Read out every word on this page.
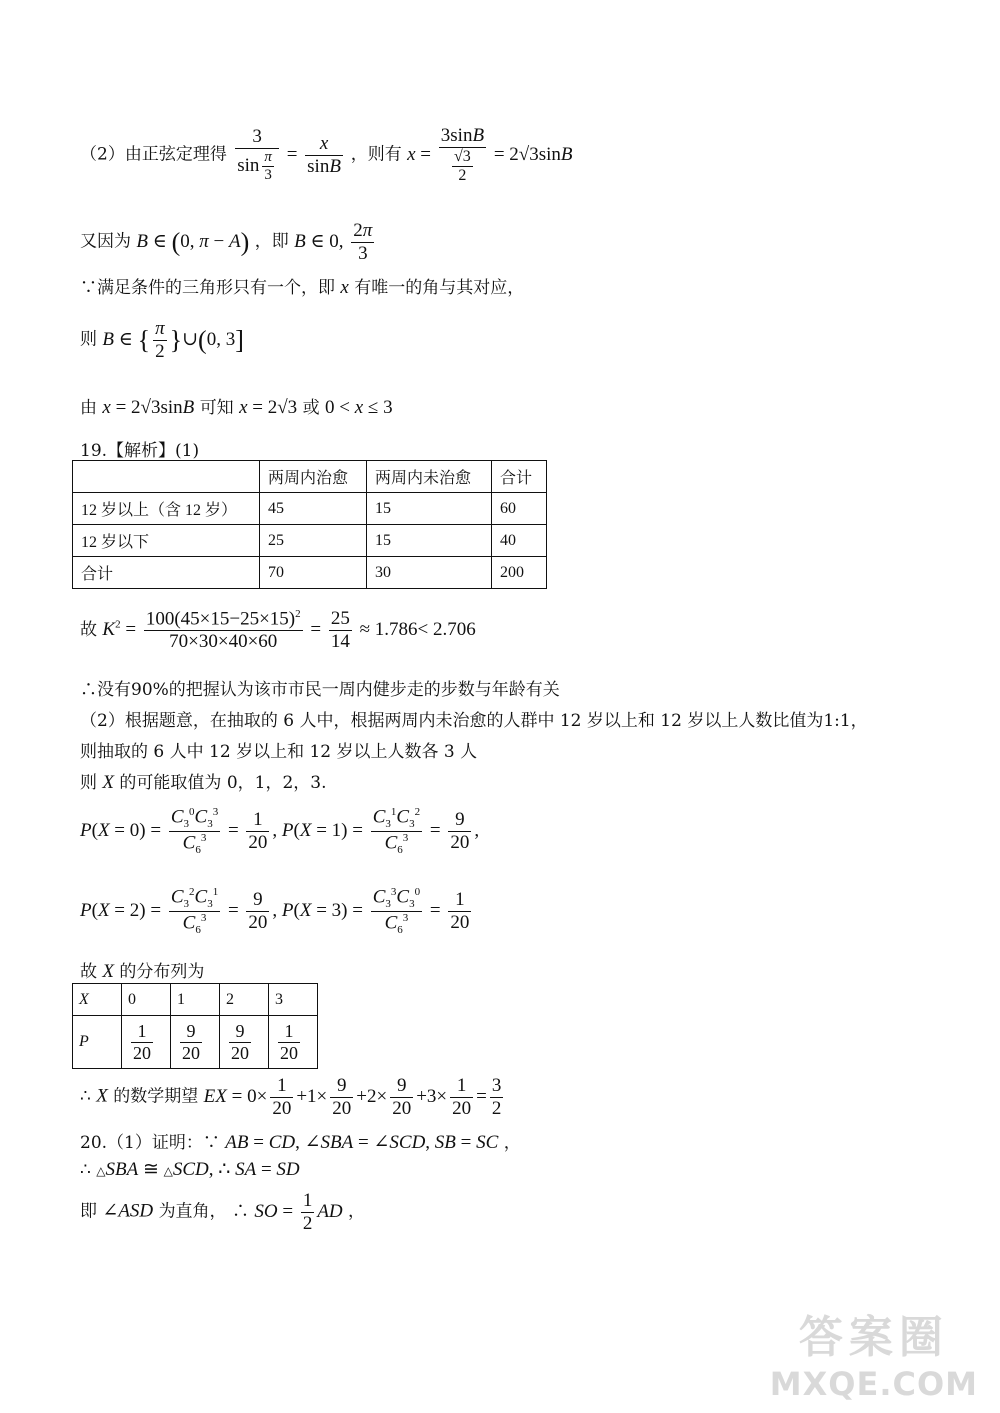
（2）由正弦定理得 $\frac{3}{\sin \frac{\pi}{3}} = \frac{x}{\sin B}$ ，则有 $x = \frac{3\sin B}{\frac{√3}{2}} = 2√3\sin B$
又因为 B ∈ (0, π − A) ，即 B ∈ 0, $\frac{2\pi}{3}$
∵满足条件的三角形只有一个，即 x 有唯一的角与其对应，
则 B ∈ { $\frac{\pi}{2}$ }∪(0, 3]
由 x = 2√3sinB 可知 x = 2√3 或 0 < x ≤ 3
19.【解析】(1)
	两周内治愈	两周内未治愈	合计
12 岁以上（含 12 岁）	45	15	60
12 岁以下	25	15	40
合计	70	30	200
故 $K^2 = \frac{100(45\times 15-25\times 15)^2}{70\times 30\times 40\times 60} = \frac{25}{14} \approx 1.786< 2.706$
∴没有90%的把握认为该市市民一周内健步走的步数与年龄有关
（2）根据题意，在抽取的 6 人中，根据两周内未治愈的人群中 12 岁以上和 12 岁以上人数比值为1:1，
则抽取的 6 人中 12 岁以上和 12 岁以上人数各 3 人
则 X 的可能取值为 0，1，2，3.
$P(X = 0) = \frac{C_3^0C_3^3}{C_6^3} = \frac{1}{20}$ , $P(X = 1) = \frac{C_3^1C_3^2}{C_6^3} = \frac{9}{20}$ ,
$P(X = 2) = \frac{C_3^2C_3^1}{C_6^3} = \frac{9}{20}$ , $P(X = 3) = \frac{C_3^3C_3^0}{C_6^3} = \frac{1}{20}$
故 X 的分布列为
X	0	1	2	3
P	$\frac{1}{20}$	$\frac{9}{20}$	$\frac{9}{20}$	$\frac{1}{20}$
∴ X 的数学期望 EX = $0\times \frac{1}{20} +1\times \frac{9}{20} +2\times \frac{9}{20} +3\times \frac{1}{20} = \frac{3}{2}$
20.（1）证明：∵ AB = CD, ∠SBA = ∠SCD, SB = SC ，
∴ △SBA ≅ △SCD, ∴ SA = SD
即 ∠ASD 为直角， ∴ SO = $\frac{1}{2}$ AD ，
答案圈
MXQE.COM
